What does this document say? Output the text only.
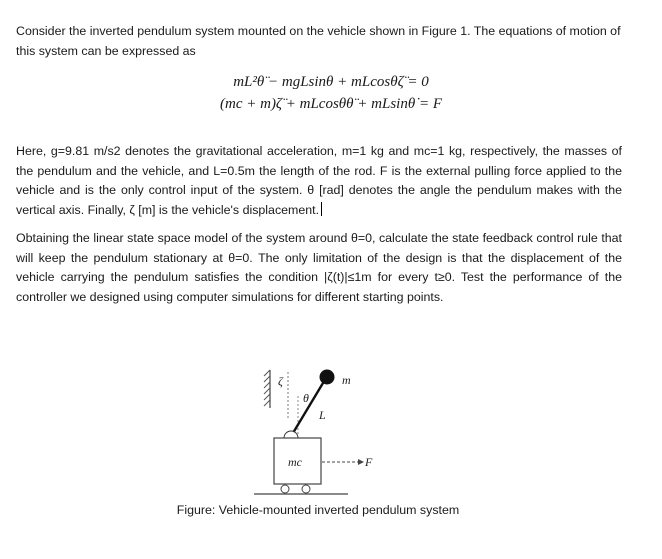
Consider the inverted pendulum system mounted on the vehicle shown in Figure 1. The equations of motion of this system can be expressed as
mL²θ̈ − mgLsinθ + mLcosθζ̈ = 0
(mc + m)ζ̈ + mLcosθθ̈ + mLsinθ̇ = F
Here, g=9.81 m/s2 denotes the gravitational acceleration, m=1 kg and mc=1 kg, respectively, the masses of the pendulum and the vehicle, and L=0.5m the length of the rod. F is the external pulling force applied to the vehicle and is the only control input of the system. θ [rad] denotes the angle the pendulum makes with the vertical axis. Finally, ζ [m] is the vehicle's displacement.
Obtaining the linear state space model of the system around θ=0, calculate the state feedback control rule that will keep the pendulum stationary at θ=0. The only limitation of the design is that the displacement of the vehicle carrying the pendulum satisfies the condition |ζ(t)|≤1m for every t≥0. Test the performance of the controller we designed using computer simulations for different starting points.
ζ
θ
m
L
mc	F
Figure: Vehicle-mounted inverted pendulum system
